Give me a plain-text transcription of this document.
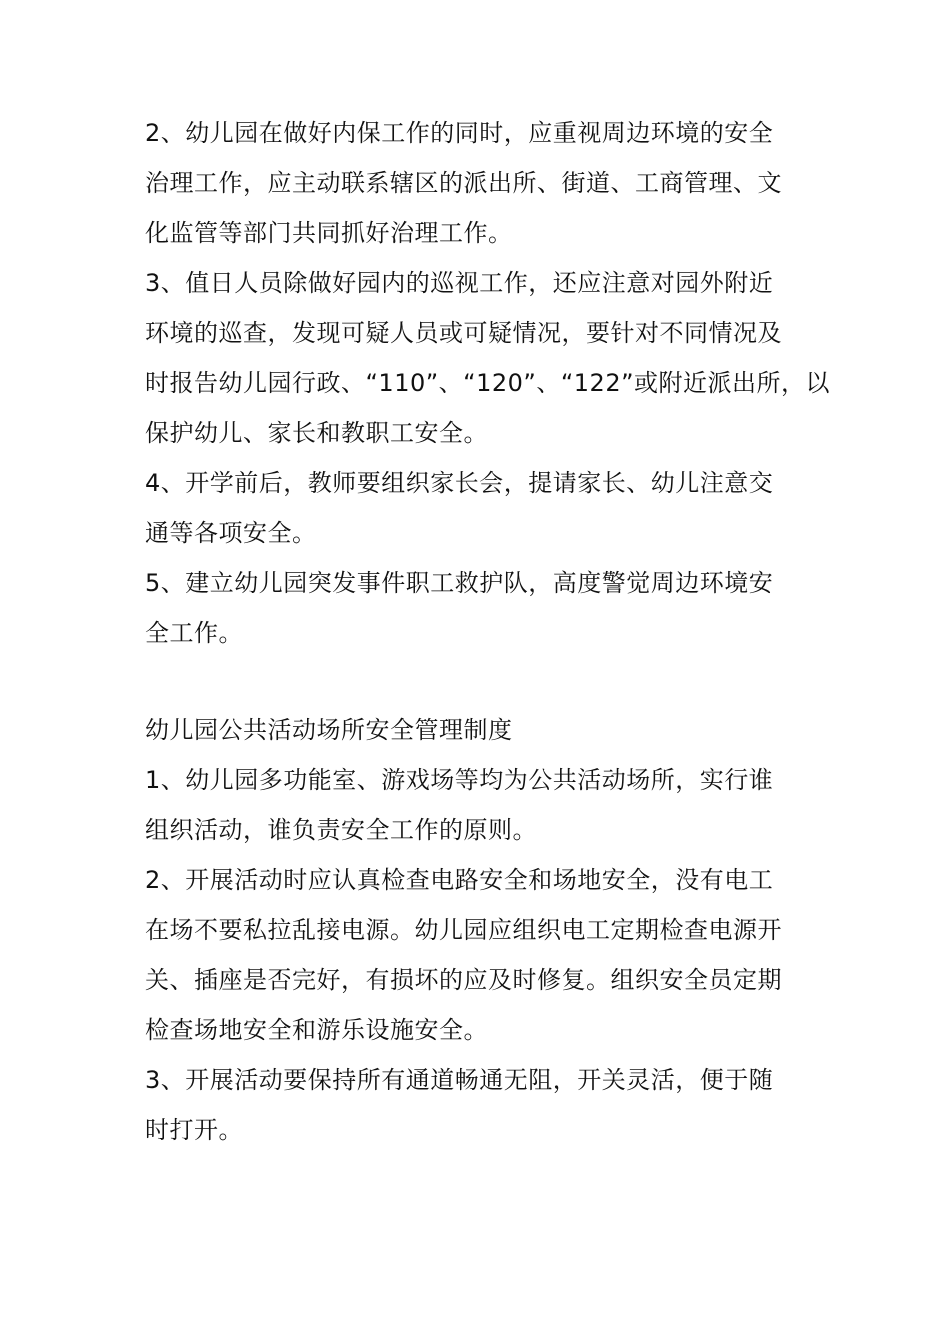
2、幼儿园在做好内保工作的同时，应重视周边环境的安全
治理工作，应主动联系辖区的派出所、街道、工商管理、文
化监管等部门共同抓好治理工作。
3、值日人员除做好园内的巡视工作，还应注意对园外附近
环境的巡查，发现可疑人员或可疑情况，要针对不同情况及
时报告幼儿园行政、“110”、“120”、“122”或附近派出所，以
保护幼儿、家长和教职工安全。
4、开学前后，教师要组织家长会，提请家长、幼儿注意交
通等各项安全。
5、建立幼儿园突发事件职工救护队，高度警觉周边环境安
全工作。
幼儿园公共活动场所安全管理制度
1、幼儿园多功能室、游戏场等均为公共活动场所，实行谁
组织活动，谁负责安全工作的原则。
2、开展活动时应认真检查电路安全和场地安全，没有电工
在场不要私拉乱接电源。幼儿园应组织电工定期检查电源开
关、插座是否完好，有损坏的应及时修复。组织安全员定期
检查场地安全和游乐设施安全。
3、开展活动要保持所有通道畅通无阻，开关灵活，便于随
时打开。
